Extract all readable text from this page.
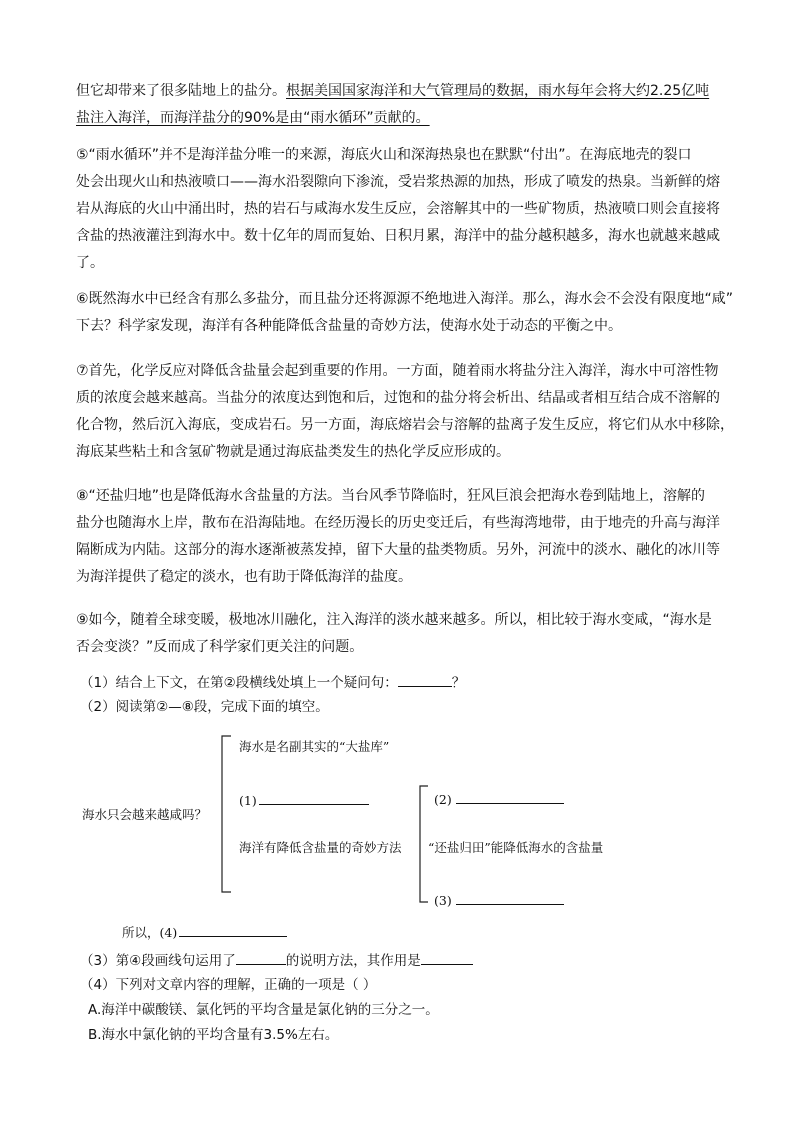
但它却带来了很多陆地上的盐分。根据美国国家海洋和大气管理局的数据，雨水每年会将大约2.25亿吨
盐注入海洋，而海洋盐分的90%是由“雨水循环”贡献的。
⑤“雨水循环”并不是海洋盐分唯一的来源，海底火山和深海热泉也在默默“付出”。在海底地壳的裂口
处会出现火山和热液喷口——海水沿裂隙向下渗流，受岩浆热源的加热，形成了喷发的热泉。当新鲜的熔
岩从海底的火山中涌出时，热的岩石与咸海水发生反应，会溶解其中的一些矿物质，热液喷口则会直接将
含盐的热液灌注到海水中。数十亿年的周而复始、日积月累，海洋中的盐分越积越多，海水也就越来越咸
了。
⑥既然海水中已经含有那么多盐分，而且盐分还将源源不绝地进入海洋。那么，海水会不会没有限度地“咸”
下去？科学家发现，海洋有各种能降低含盐量的奇妙方法，使海水处于动态的平衡之中。
⑦首先，化学反应对降低含盐量会起到重要的作用。一方面，随着雨水将盐分注入海洋，海水中可溶性物
质的浓度会越来越高。当盐分的浓度达到饱和后，过饱和的盐分将会析出、结晶或者相互结合成不溶解的
化合物，然后沉入海底，变成岩石。另一方面，海底熔岩会与溶解的盐离子发生反应，将它们从水中移除，
海底某些粘土和含氢矿物就是通过海底盐类发生的热化学反应形成的。
⑧“还盐归地”也是降低海水含盐量的方法。当台风季节降临时，狂风巨浪会把海水卷到陆地上，溶解的
盐分也随海水上岸，散布在沿海陆地。在经历漫长的历史变迁后，有些海湾地带，由于地壳的升高与海洋
隔断成为内陆。这部分的海水逐渐被蒸发掉，留下大量的盐类物质。另外，河流中的淡水、融化的冰川等
为海洋提供了稳定的淡水，也有助于降低海洋的盐度。
⑨如今，随着全球变暖，极地冰川融化，注入海洋的淡水越来越多。所以，相比较于海水变咸，“海水是
否会变淡？”反而成了科学家们更关注的问题。
（1）结合上下文，在第②段横线处填上一个疑问句：	？
（2）阅读第②—⑧段，完成下面的填空。
海水只会越来越咸吗？
海水是名副其实的“大盐库”
(1)
海洋有降低含盐量的奇妙方法
(2)
“还盐归田”能降低海水的含盐量
(3)
所以，(4)
（3）第④段画线句运用了	的说明方法，其作用是
（4）下列对文章内容的理解，正确的一项是（ ）
A.海洋中碳酸镁、氯化钙的平均含量是氯化钠的三分之一。
B.海水中氯化钠的平均含量有3.5%左右。
